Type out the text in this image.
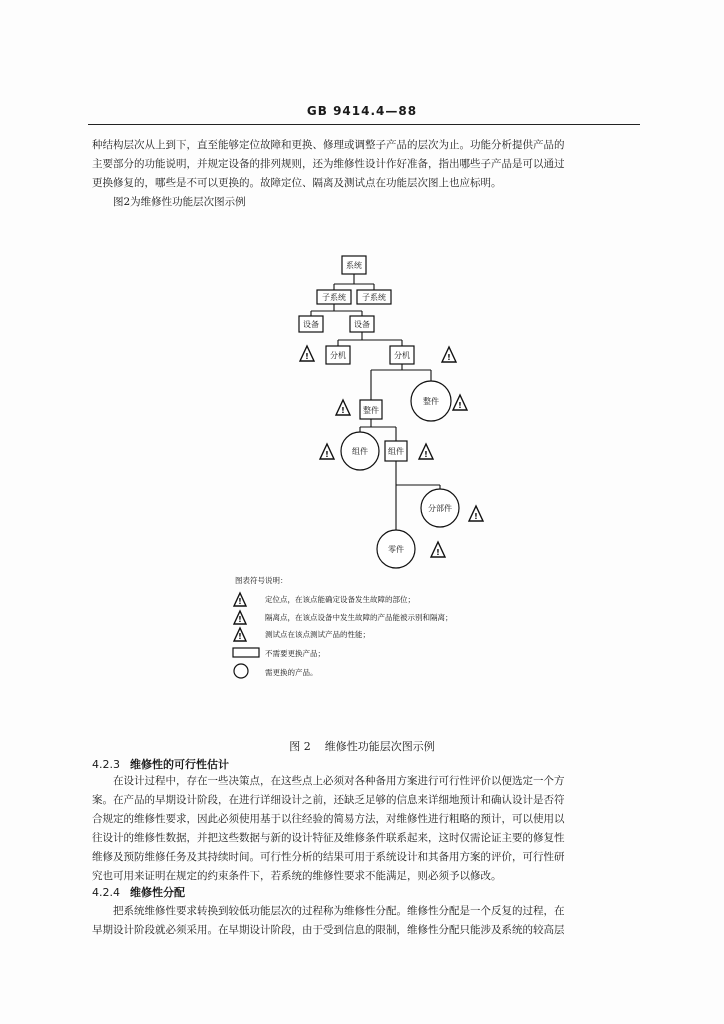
GB 9414.4—88
种结构层次从上到下，直至能够定位故障和更换、修理或调整子产品的层次为止。功能分析提供产品的
主要部分的功能说明，并规定设备的排列规则，还为维修性设计作好准备，指出哪些子产品是可以通过
更换修复的，哪些是不可以更换的。故障定位、隔离及测试点在功能层次图上也应标明。
图2为维修性功能层次图示例
系统
子系统 子系统
设备	设备
分机	分机
整件
组件
整件
组件
分部件
零件
!	!
!
!
!	!
!
!
图表符号说明：
!	定位点，在该点能确定设备发生故障的部位；
!	隔离点，在该点设备中发生故障的产品能被示别和隔离；
!	测试点在该点测试产品的性能；
不需要更换产品；
需更换的产品。
图 2 维修性功能层次图示例
4.2.3 维修性的可行性估计
在设计过程中，存在一些决策点，在这些点上必须对各种备用方案进行可行性评价以便选定一个方
案。在产品的早期设计阶段，在进行详细设计之前，还缺乏足够的信息来详细地预计和确认设计是否符
合规定的维修性要求，因此必须使用基于以往经验的简易方法，对维修性进行粗略的预计，可以使用以
往设计的维修性数据，并把这些数据与新的设计特征及维修条件联系起来，这时仅需论证主要的修复性
维修及预防维修任务及其持续时间。可行性分析的结果可用于系统设计和其备用方案的评价，可行性研
究也可用来证明在规定的约束条件下，若系统的维修性要求不能满足，则必须予以修改。
4.2.4 维修性分配
把系统维修性要求转换到较低功能层次的过程称为维修性分配。维修性分配是一个反复的过程，在
早期设计阶段就必须采用。在早期设计阶段，由于受到信息的限制，维修性分配只能涉及系统的较高层
